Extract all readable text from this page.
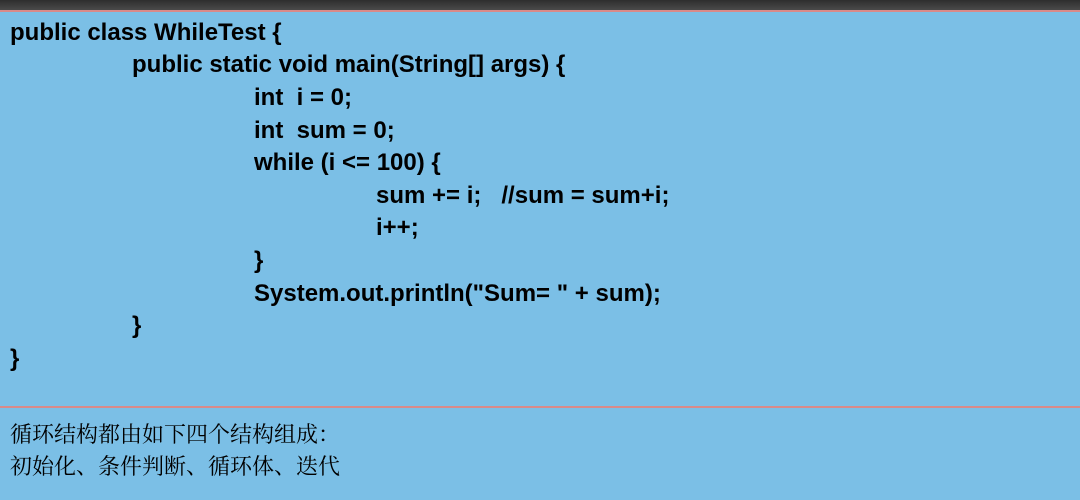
public class WhileTest {
public static void main(String[] args) {
int  i = 0;
int  sum = 0;
while (i <= 100) {
sum += i;   //sum = sum+i;
i++;
}
System.out.println("Sum= " + sum);
}
}
循环结构都由如下四个结构组成：
初始化、条件判断、循环体、迭代
